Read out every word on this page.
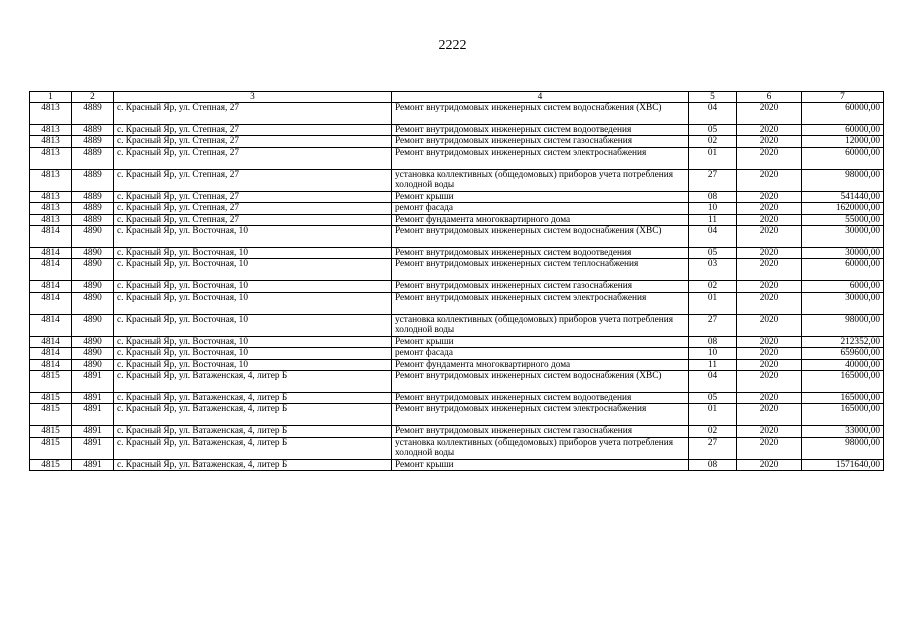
2222
1	2	3	4	5	6	7
4813	4889	с. Красный Яр, ул. Степная, 27	Ремонт внутридомовых инженерных систем водоснабжения (ХВС)	04	2020	60000,00
4813	4889	с. Красный Яр, ул. Степная, 27	Ремонт внутридомовых инженерных систем водоотведения	05	2020	60000,00
4813	4889	с. Красный Яр, ул. Степная, 27	Ремонт внутридомовых инженерных систем газоснабжения	02	2020	12000,00
4813	4889	с. Красный Яр, ул. Степная, 27	Ремонт внутридомовых инженерных систем электроснабжения	01	2020	60000,00
4813	4889	с. Красный Яр, ул. Степная, 27	установка коллективных (общедомовых) приборов учета потребления холодной воды	27	2020	98000,00
4813	4889	с. Красный Яр, ул. Степная, 27	Ремонт крыши	08	2020	541440,00
4813	4889	с. Красный Яр, ул. Степная, 27	ремонт фасада	10	2020	1620000,00
4813	4889	с. Красный Яр, ул. Степная, 27	Ремонт фундамента многоквартирного дома	11	2020	55000,00
4814	4890	с. Красный Яр, ул. Восточная, 10	Ремонт внутридомовых инженерных систем водоснабжения (ХВС)	04	2020	30000,00
4814	4890	с. Красный Яр, ул. Восточная, 10	Ремонт внутридомовых инженерных систем водоотведения	05	2020	30000,00
4814	4890	с. Красный Яр, ул. Восточная, 10	Ремонт внутридомовых инженерных систем теплоснабжения	03	2020	60000,00
4814	4890	с. Красный Яр, ул. Восточная, 10	Ремонт внутридомовых инженерных систем газоснабжения	02	2020	6000,00
4814	4890	с. Красный Яр, ул. Восточная, 10	Ремонт внутридомовых инженерных систем электроснабжения	01	2020	30000,00
4814	4890	с. Красный Яр, ул. Восточная, 10	установка коллективных (общедомовых) приборов учета потребления холодной воды	27	2020	98000,00
4814	4890	с. Красный Яр, ул. Восточная, 10	Ремонт крыши	08	2020	212352,00
4814	4890	с. Красный Яр, ул. Восточная, 10	ремонт фасада	10	2020	659600,00
4814	4890	с. Красный Яр, ул. Восточная, 10	Ремонт фундамента многоквартирного дома	11	2020	40000,00
4815	4891	с. Красный Яр, ул. Ватаженская, 4, литер Б	Ремонт внутридомовых инженерных систем водоснабжения (ХВС)	04	2020	165000,00
4815	4891	с. Красный Яр, ул. Ватаженская, 4, литер Б	Ремонт внутридомовых инженерных систем водоотведения	05	2020	165000,00
4815	4891	с. Красный Яр, ул. Ватаженская, 4, литер Б	Ремонт внутридомовых инженерных систем электроснабжения	01	2020	165000,00
4815	4891	с. Красный Яр, ул. Ватаженская, 4, литер Б	Ремонт внутридомовых инженерных систем газоснабжения	02	2020	33000,00
4815	4891	с. Красный Яр, ул. Ватаженская, 4, литер Б	установка коллективных (общедомовых) приборов учета потребления холодной воды	27	2020	98000,00
4815	4891	с. Красный Яр, ул. Ватаженская, 4, литер Б	Ремонт крыши	08	2020	1571640,00
